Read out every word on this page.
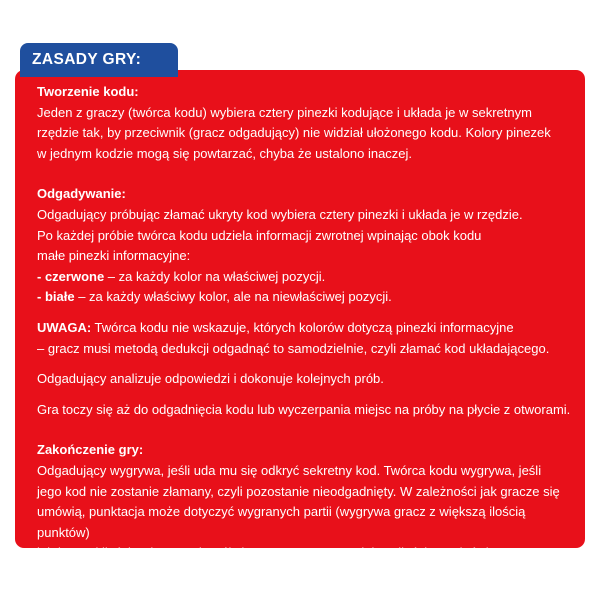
ZASADY GRY:

Tworzenie kodu:

Jeden z graczy (twórca kodu) wybiera cztery pinezki kodujące i układa je w sekretnym

rzędzie tak, by przeciwnik (gracz odgadujący) nie widział ułożonego kodu. Kolory pinezek

w jednym kodzie mogą się powtarzać, chyba że ustalono inaczej.

Odgadywanie:

Odgadujący próbując złamać ukryty kod wybiera cztery pinezki i układa je w rzędzie.

Po każdej próbie twórca kodu udziela informacji zwrotnej wpinając obok kodu

małe pinezki informacyjne:

- czerwone – za każdy kolor na właściwej pozycji.

- białe – za każdy właściwy kolor, ale na niewłaściwej pozycji.

UWAGA: Twórca kodu nie wskazuje, których kolorów dotyczą pinezki informacyjne

– gracz musi metodą dedukcji odgadnąć to samodzielnie, czyli złamać kod układającego.

Odgadujący analizuje odpowiedzi i dokonuje kolejnych prób.

Gra toczy się aż do odgadnięcia kodu lub wyczerpania miejsc na próby na płycie z otworami.

Zakończenie gry:

Odgadujący wygrywa, jeśli uda mu się odkryć sekretny kod. Twórca kodu wygrywa, jeśli

jego kod nie zostanie złamany, czyli pozostanie nieodgadnięty. W zależności jak gracze się

umówią, punktacja może dotyczyć wygranych partii (wygrywa gracz z większą ilością punktów)

lub łącznej ilości wykonanych prób (wygrywa gracz z mniejszą ilością punktów).
